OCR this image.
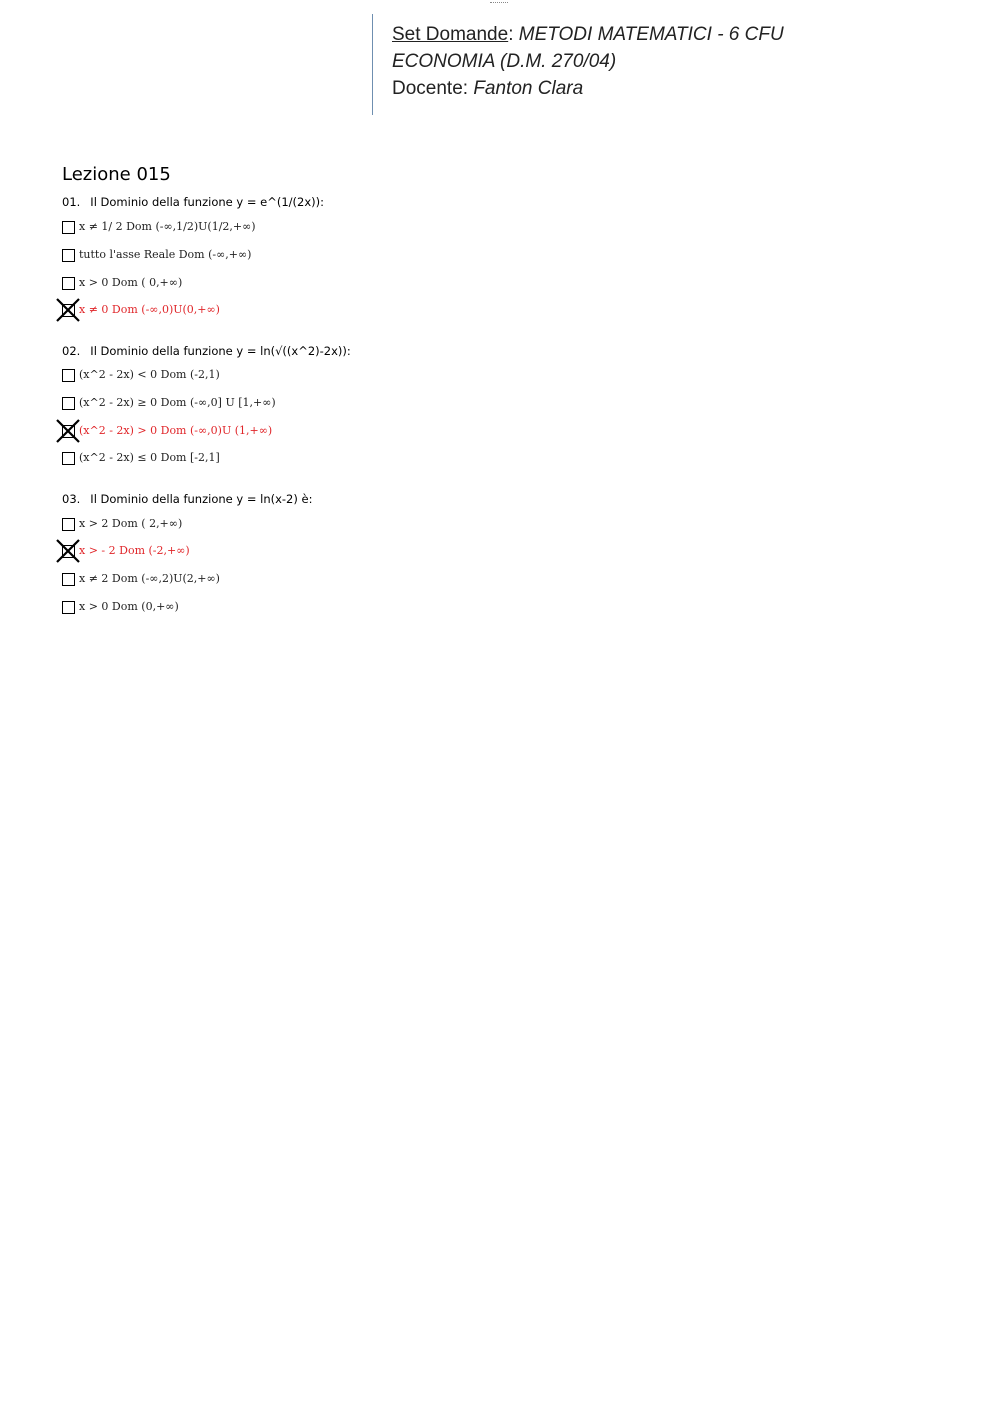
Set Domande: METODI MATEMATICI - 6 CFU
ECONOMIA (D.M. 270/04)
Docente: Fanton Clara
Lezione 015
01. Il Dominio della funzione y = e^(1/(2x)):
x ≠ 1/ 2 Dom (-∞,1/2)U(1/2,+∞)
tutto l'asse Reale Dom (-∞,+∞)
x > 0 Dom ( 0,+∞)
x ≠ 0 Dom (-∞,0)U(0,+∞)
02. Il Dominio della funzione y = ln(√((x^2)-2x)):
(x^2 - 2x) < 0 Dom (-2,1)
(x^2 - 2x) ≥ 0 Dom (-∞,0] U [1,+∞)
(x^2 - 2x) > 0 Dom (-∞,0)U (1,+∞)
(x^2 - 2x) ≤ 0 Dom [-2,1]
03. Il Dominio della funzione y = ln(x-2) è:
x > 2 Dom ( 2,+∞)
x > - 2 Dom (-2,+∞)
x ≠ 2 Dom (-∞,2)U(2,+∞)
x > 0 Dom (0,+∞)
